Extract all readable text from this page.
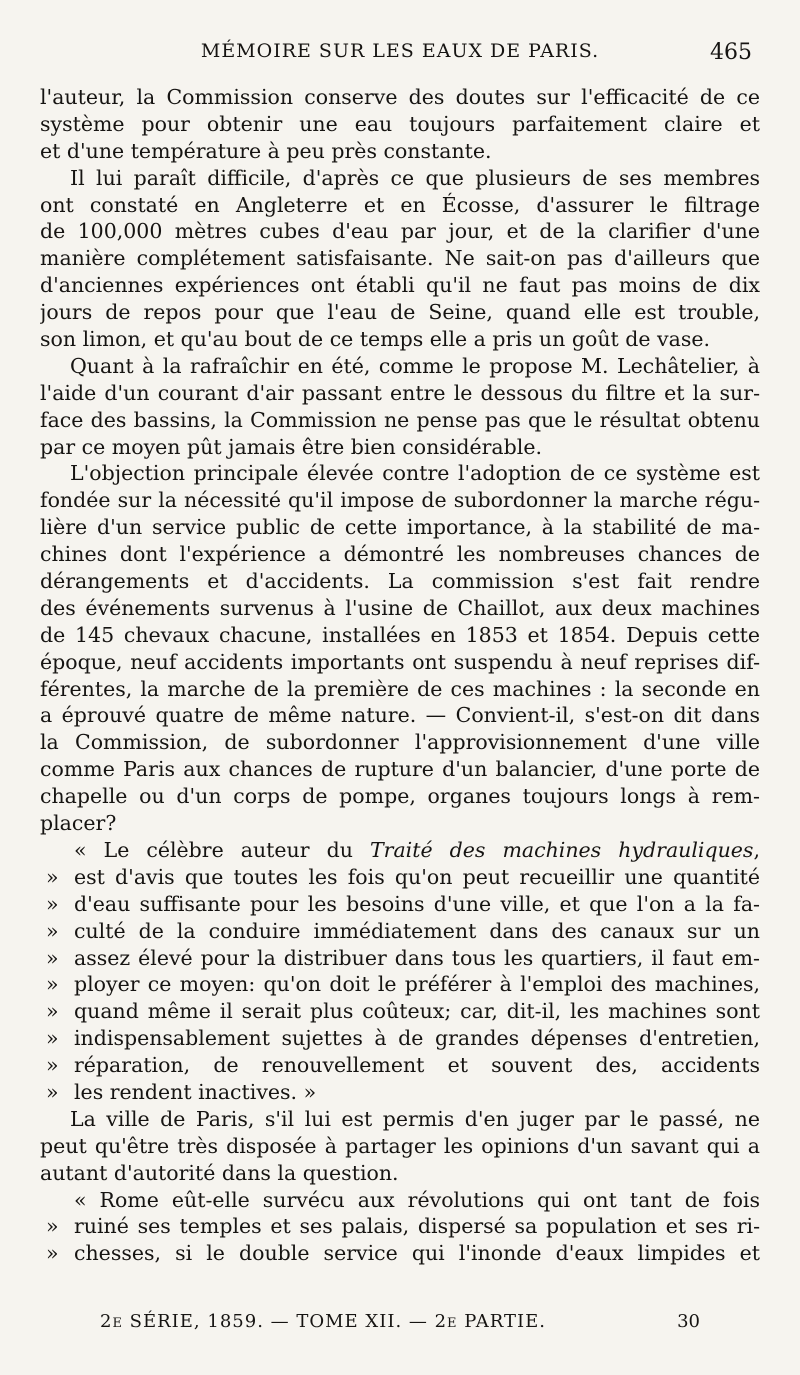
MÉMOIRE SUR LES EAUX DE PARIS.	465
l'auteur, la Commission conserve des doutes sur l'efficacité de ce
système pour obtenir une eau toujours parfaitement claire et
et d'une température à peu près constante.
Il lui paraît difficile, d'après ce que plusieurs de ses membres
ont constaté en Angleterre et en Écosse, d'assurer le filtrage
de 100,000 mètres cubes d'eau par jour, et de la clarifier d'une
manière complétement satisfaisante. Ne sait-on pas d'ailleurs que
d'anciennes expériences ont établi qu'il ne faut pas moins de dix
jours de repos pour que l'eau de Seine, quand elle est trouble,
son limon, et qu'au bout de ce temps elle a pris un goût de vase.
Quant à la rafraîchir en été, comme le propose M. Lechâtelier, à
l'aide d'un courant d'air passant entre le dessous du filtre et la sur-
face des bassins, la Commission ne pense pas que le résultat obtenu
par ce moyen pût jamais être bien considérable.
L'objection principale élevée contre l'adoption de ce système est
fondée sur la nécessité qu'il impose de subordonner la marche régu-
lière d'un service public de cette importance, à la stabilité de ma-
chines dont l'expérience a démontré les nombreuses chances de
dérangements et d'accidents. La commission s'est fait rendre
des événements survenus à l'usine de Chaillot, aux deux machines
de 145 chevaux chacune, installées en 1853 et 1854. Depuis cette
époque, neuf accidents importants ont suspendu à neuf reprises dif-
férentes, la marche de la première de ces machines : la seconde en
a éprouvé quatre de même nature. — Convient-il, s'est-on dit dans
la Commission, de subordonner l'approvisionnement d'une ville
comme Paris aux chances de rupture d'un balancier, d'une porte de
chapelle ou d'un corps de pompe, organes toujours longs à rem-
placer?
« Le célèbre auteur du Traité des machines hydrauliques,
» est d'avis que toutes les fois qu'on peut recueillir une quantité
» d'eau suffisante pour les besoins d'une ville, et que l'on a la fa-
» culté de la conduire immédiatement dans des canaux sur un
» assez élevé pour la distribuer dans tous les quartiers, il faut em-
» ployer ce moyen: qu'on doit le préférer à l'emploi des machines,
» quand même il serait plus coûteux; car, dit-il, les machines sont
» indispensablement sujettes à de grandes dépenses d'entretien,
» réparation, de renouvellement et souvent des, accidents
» les rendent inactives. »
La ville de Paris, s'il lui est permis d'en juger par le passé, ne
peut qu'être très disposée à partager les opinions d'un savant qui a
autant d'autorité dans la question.
« Rome eût-elle survécu aux révolutions qui ont tant de fois
» ruiné ses temples et ses palais, dispersé sa population et ses ri-
» chesses, si le double service qui l'inonde d'eaux limpides et
2e SÉRIE, 1859. — TOME XII. — 2e PARTIE.	30
